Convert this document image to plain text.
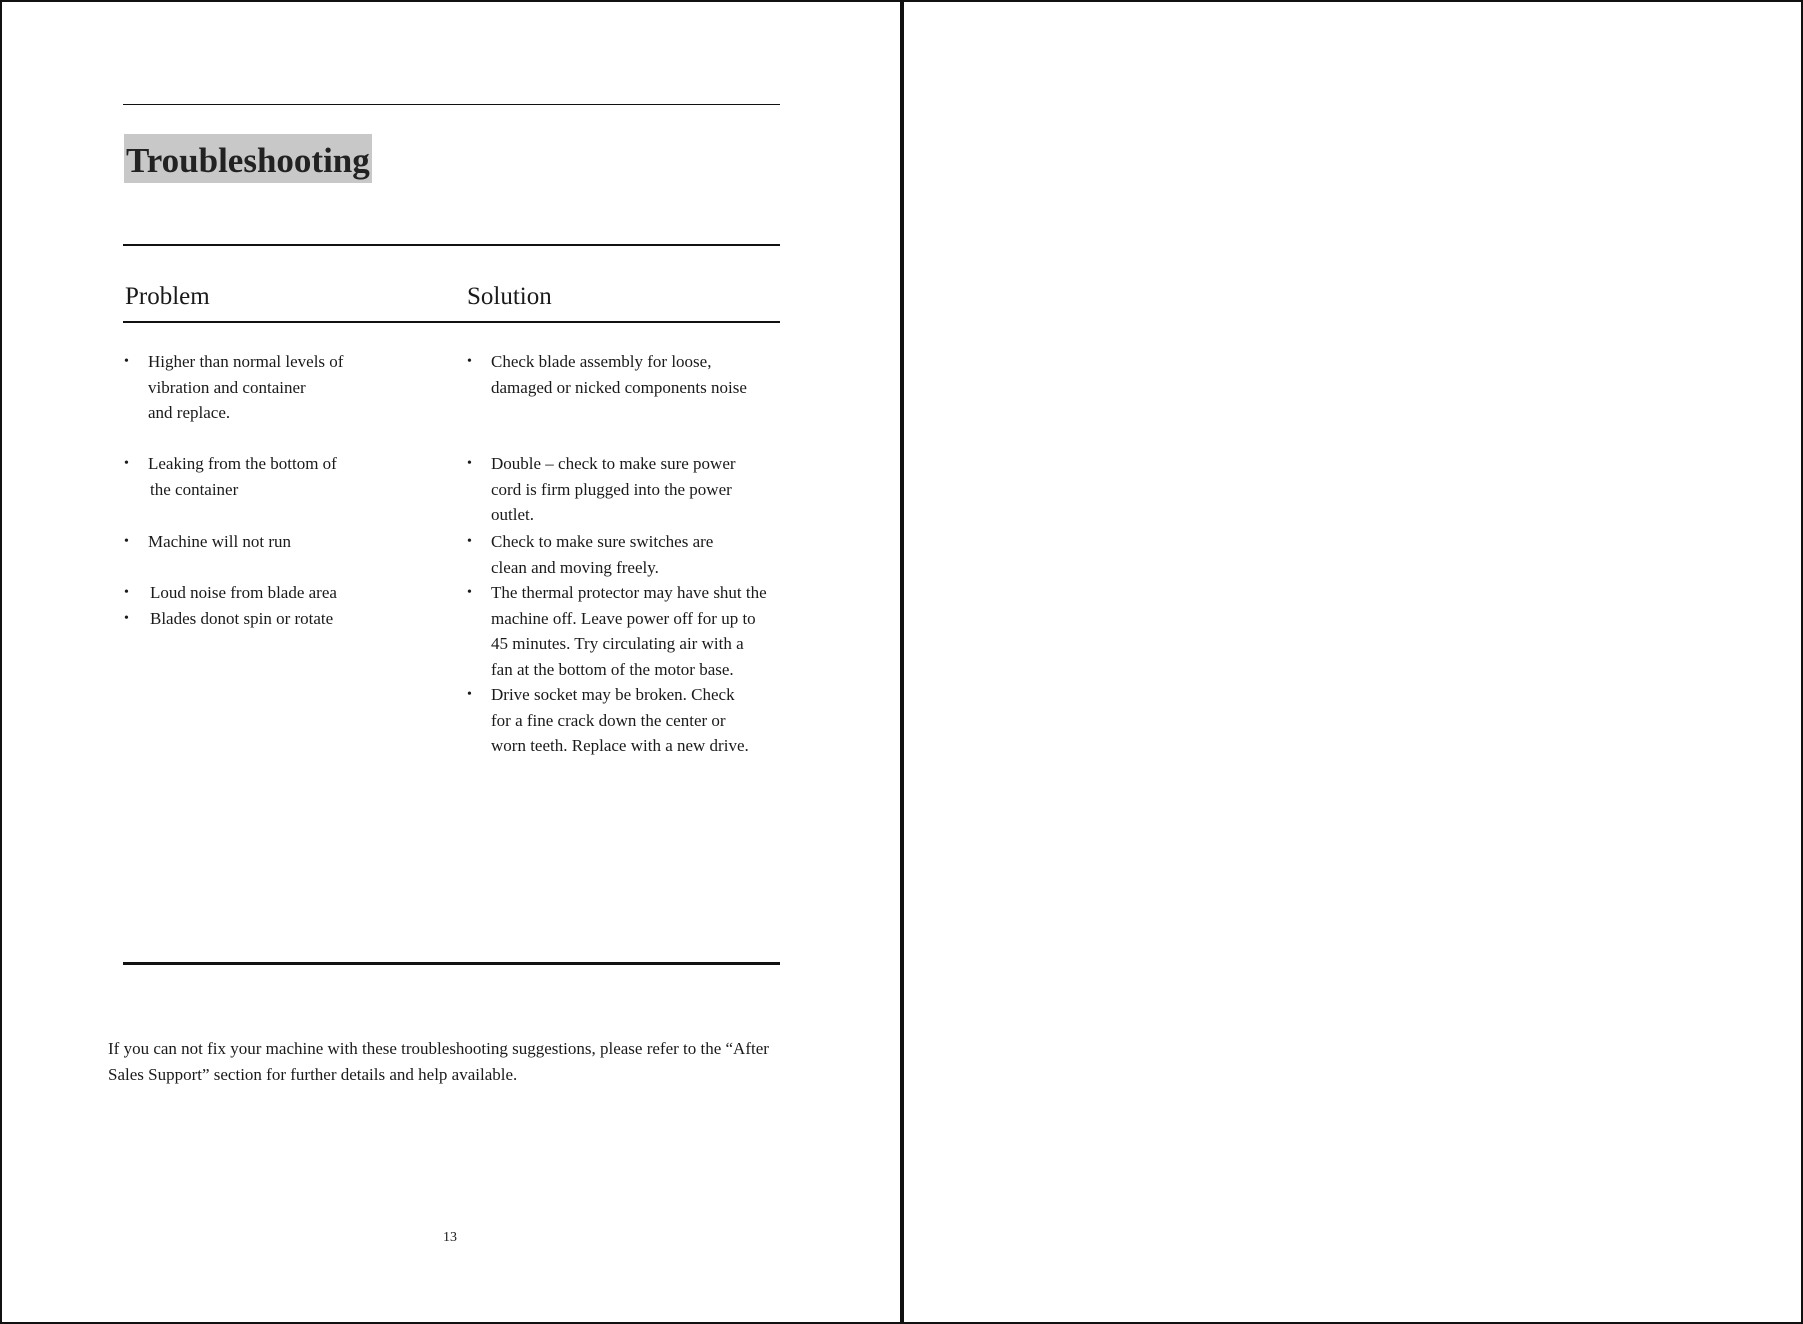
Troubleshooting
Problem	Solution
• Higher than normal levels of
vibration and container
and replace.
• Leaking from the bottom of
the container
• Machine will not run
• Loud noise from blade area
• Blades donot spin or rotate
• Check blade assembly for loose,
damaged or nicked components noise
• Double – check to make sure power
cord is firm plugged into the power
outlet.
• Check to make sure switches are
clean and moving freely.
• The thermal protector may have shut the
machine off. Leave power off for up to
45 minutes. Try circulating air with a
fan at the bottom of the motor base.
• Drive socket may be broken. Check
for a fine crack down the center or
worn teeth. Replace with a new drive.
If you can not fix your machine with these troubleshooting suggestions, please refer to the “After
Sales Support” section for further details and help available.
13
